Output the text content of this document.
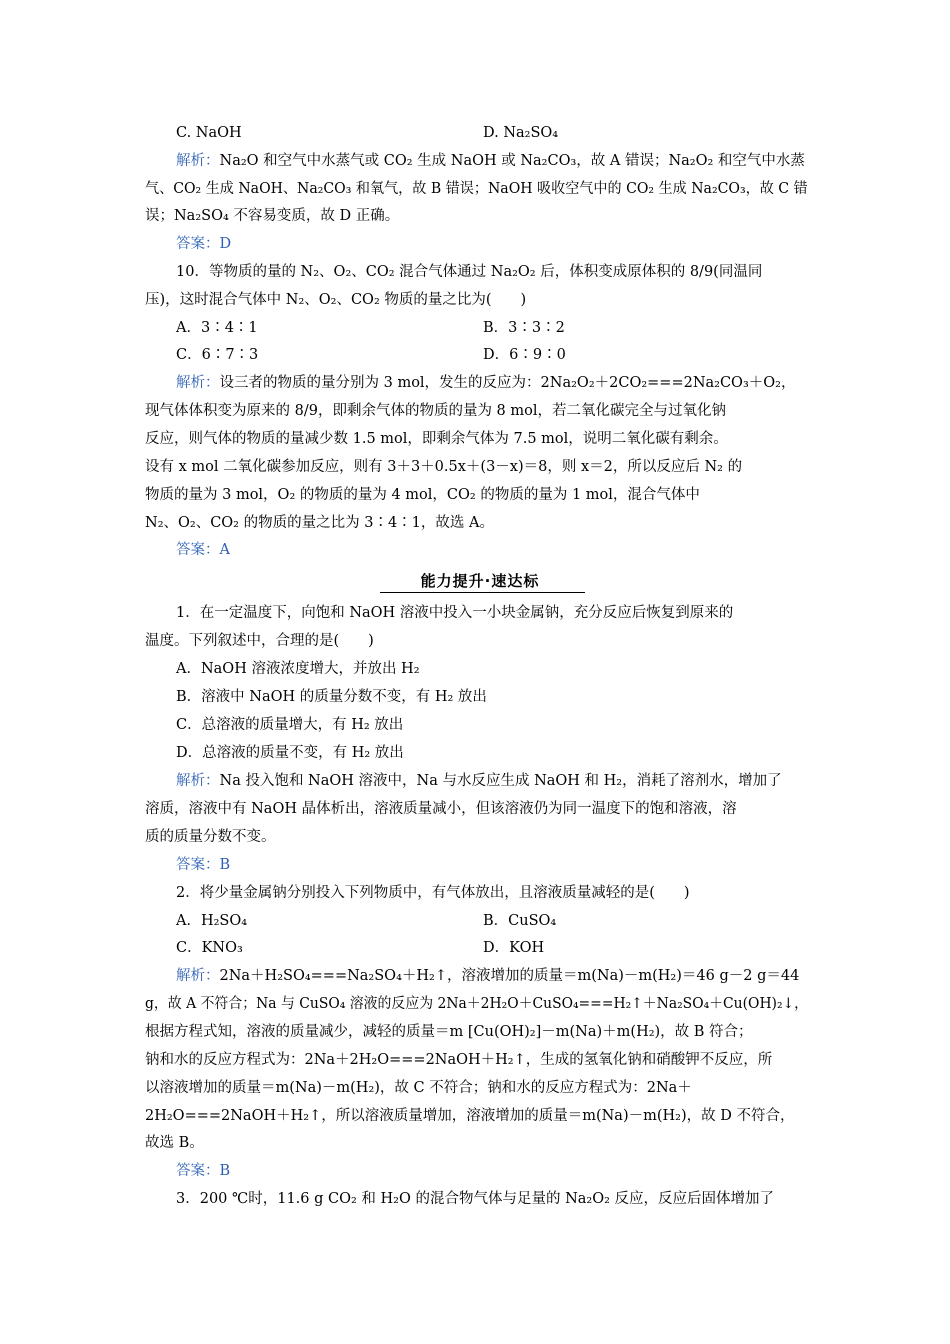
C. NaOH	D. Na₂SO₄
解析：Na₂O 和空气中水蒸气或 CO₂ 生成 NaOH 或 Na₂CO₃，故 A 错误；Na₂O₂ 和空气中水蒸
气、CO₂ 生成 NaOH、Na₂CO₃ 和氧气，故 B 错误；NaOH 吸收空气中的 CO₂ 生成 Na₂CO₃，故 C 错
误；Na₂SO₄ 不容易变质，故 D 正确。
答案：D
10．等物质的量的 N₂、O₂、CO₂ 混合气体通过 Na₂O₂ 后，体积变成原体积的 8/9(同温同
压)，这时混合气体中 N₂、O₂、CO₂ 物质的量之比为(　　)
A．3∶4∶1	B．3∶3∶2
C．6∶7∶3	D．6∶9∶0
解析：设三者的物质的量分别为 3 mol，发生的反应为：2Na₂O₂＋2CO₂===2Na₂CO₃＋O₂，
现气体体积变为原来的 8/9，即剩余气体的物质的量为 8 mol，若二氧化碳完全与过氧化钠
反应，则气体的物质的量减少数 1.5 mol，即剩余气体为 7.5 mol，说明二氧化碳有剩余。
设有 x mol 二氧化碳参加反应，则有 3＋3＋0.5x＋(3－x)＝8，则 x＝2，所以反应后 N₂ 的
物质的量为 3 mol，O₂ 的物质的量为 4 mol，CO₂ 的物质的量为 1 mol，混合气体中
N₂、O₂、CO₂ 的物质的量之比为 3∶4∶1，故选 A。
答案：A
能力提升·速达标
1．在一定温度下，向饱和 NaOH 溶液中投入一小块金属钠，充分反应后恢复到原来的
温度。下列叙述中，合理的是(　　)
A．NaOH 溶液浓度增大，并放出 H₂
B．溶液中 NaOH 的质量分数不变，有 H₂ 放出
C．总溶液的质量增大，有 H₂ 放出
D．总溶液的质量不变，有 H₂ 放出
解析：Na 投入饱和 NaOH 溶液中，Na 与水反应生成 NaOH 和 H₂，消耗了溶剂水，增加了
溶质，溶液中有 NaOH 晶体析出，溶液质量减小，但该溶液仍为同一温度下的饱和溶液，溶
质的质量分数不变。
答案：B
2．将少量金属钠分别投入下列物质中，有气体放出，且溶液质量减轻的是(　　)
A．H₂SO₄	B．CuSO₄
C．KNO₃	D．KOH
解析：2Na＋H₂SO₄===Na₂SO₄＋H₂↑，溶液增加的质量＝m(Na)－m(H₂)＝46 g－2 g＝44
g，故 A 不符合；Na 与 CuSO₄ 溶液的反应为 2Na＋2H₂O＋CuSO₄===H₂↑＋Na₂SO₄＋Cu(OH)₂↓，
根据方程式知，溶液的质量减少，减轻的质量＝m [Cu(OH)₂]－m(Na)＋m(H₂)，故 B 符合；
钠和水的反应方程式为：2Na＋2H₂O===2NaOH＋H₂↑，生成的氢氧化钠和硝酸钾不反应，所
以溶液增加的质量＝m(Na)－m(H₂)，故 C 不符合；钠和水的反应方程式为：2Na＋
2H₂O===2NaOH＋H₂↑，所以溶液质量增加，溶液增加的质量＝m(Na)－m(H₂)，故 D 不符合，
故选 B。
答案：B
3．200 ℃时，11.6 g CO₂ 和 H₂O 的混合物气体与足量的 Na₂O₂ 反应，反应后固体增加了
